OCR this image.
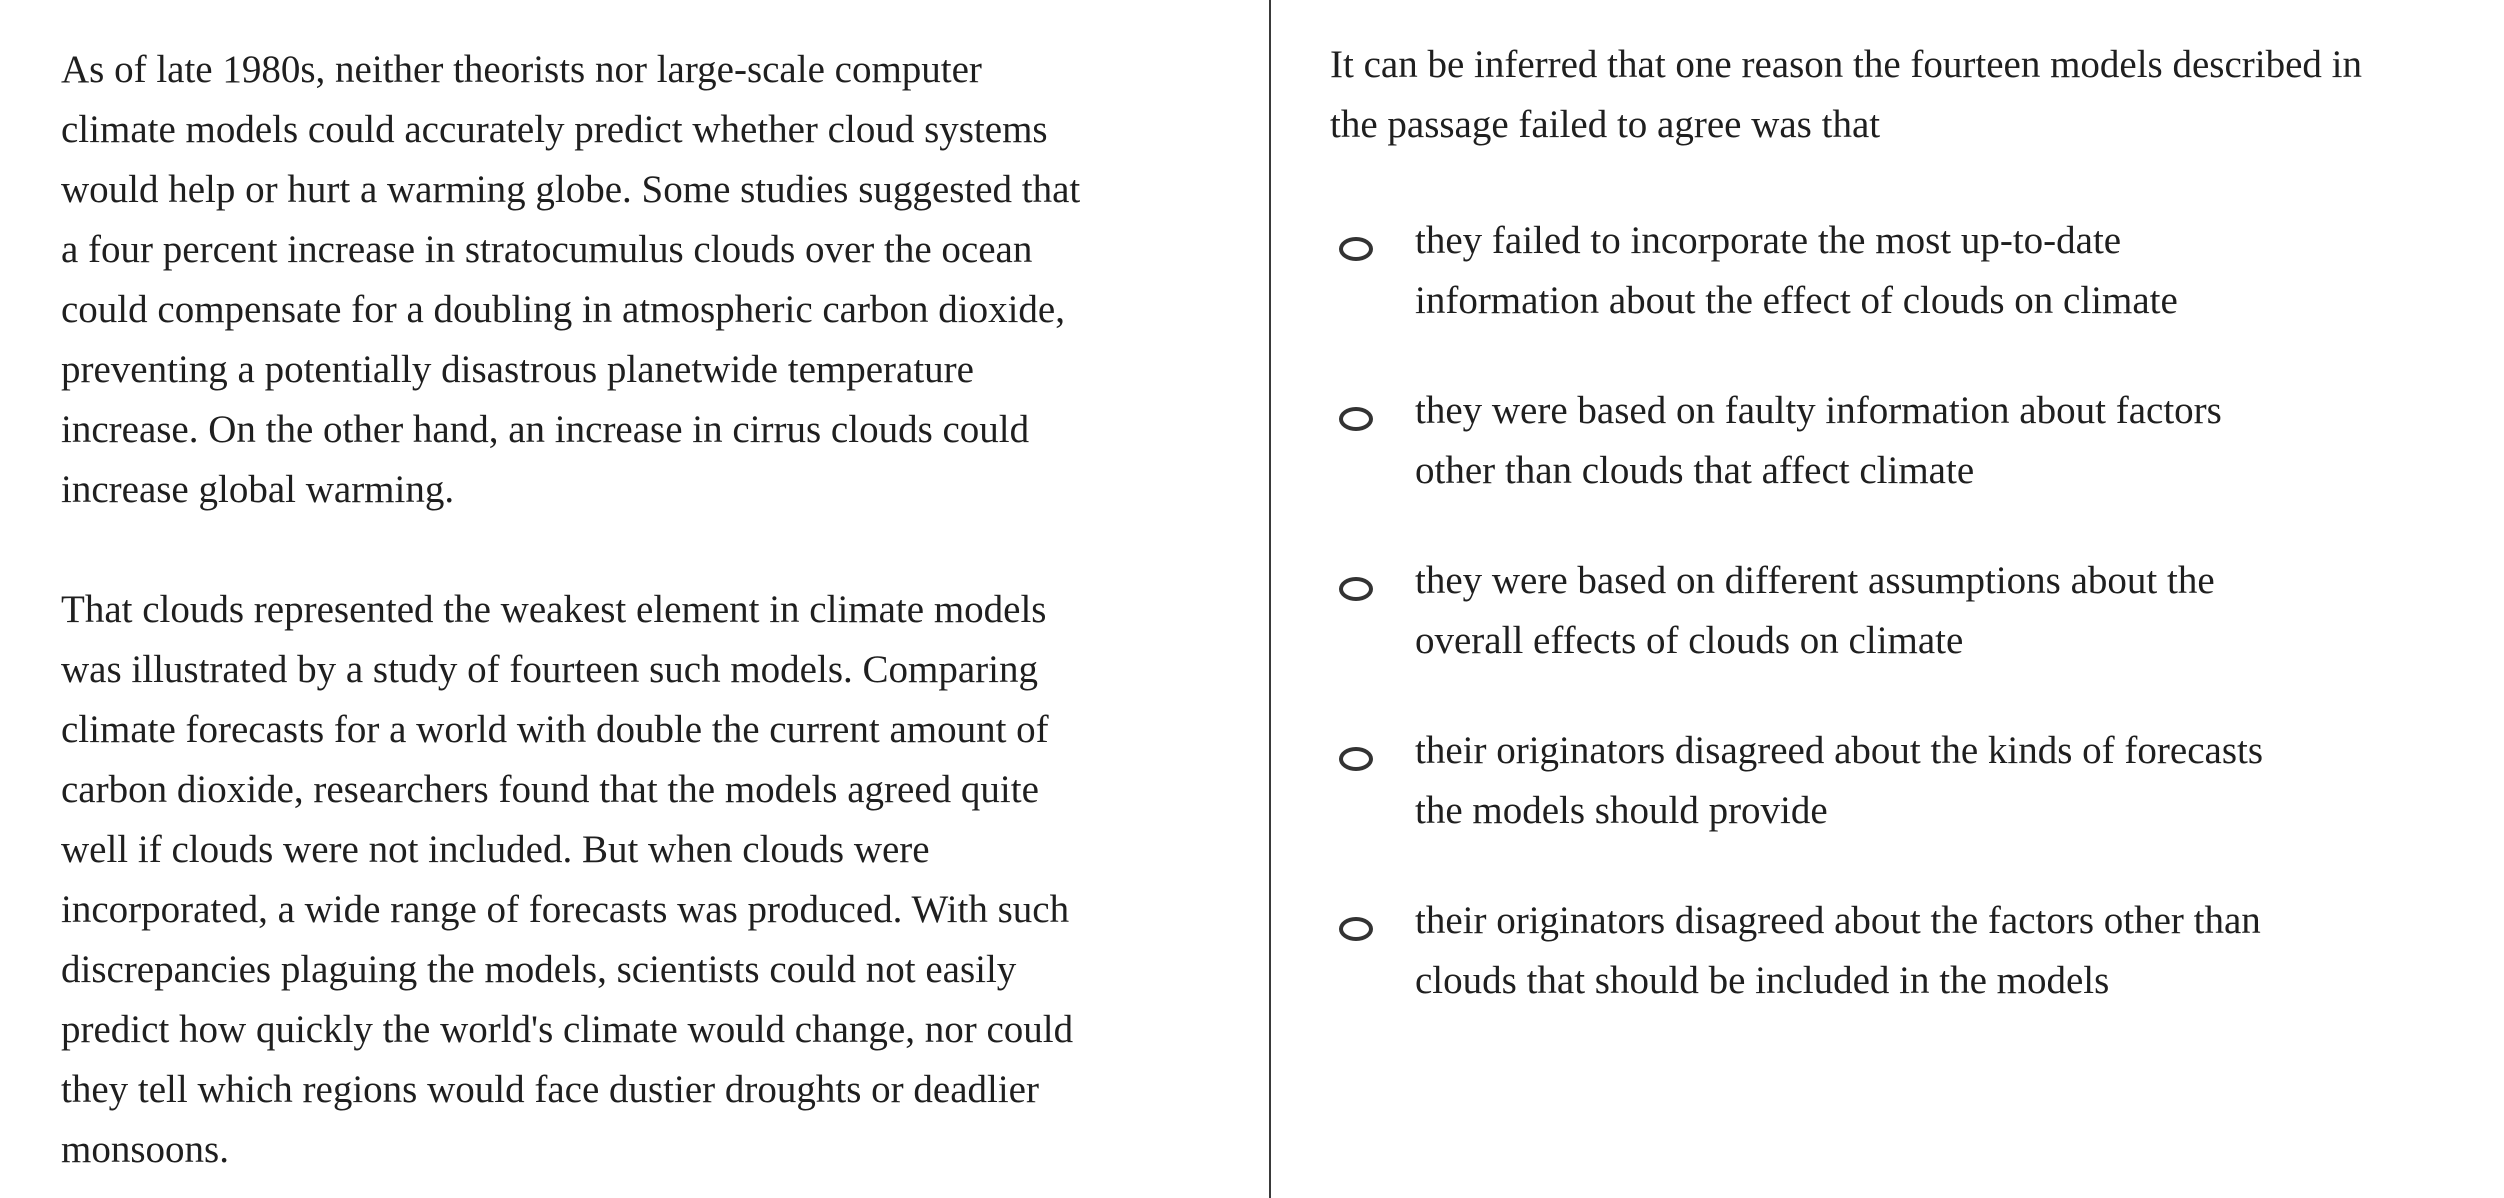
As of late 1980s, neither theorists nor large-scale computer
climate models could accurately predict whether cloud systems
would help or hurt a warming globe. Some studies suggested that
a four percent increase in stratocumulus clouds over the ocean
could compensate for a doubling in atmospheric carbon dioxide,
preventing a potentially disastrous planetwide temperature
increase. On the other hand, an increase in cirrus clouds could
increase global warming.

That clouds represented the weakest element in climate models
was illustrated by a study of fourteen such models. Comparing
climate forecasts for a world with double the current amount of
carbon dioxide, researchers found that the models agreed quite
well if clouds were not included. But when clouds were
incorporated, a wide range of forecasts was produced. With such
discrepancies plaguing the models, scientists could not easily
predict how quickly the world's climate would change, nor could
they tell which regions would face dustier droughts or deadlier
monsoons.

It can be inferred that one reason the fourteen models described in
the passage failed to agree was that

they failed to incorporate the most up-to-date
information about the effect of clouds on climate
they were based on faulty information about factors
other than clouds that affect climate
they were based on different assumptions about the
overall effects of clouds on climate
their originators disagreed about the kinds of forecasts
the models should provide
their originators disagreed about the factors other than
clouds that should be included in the models
